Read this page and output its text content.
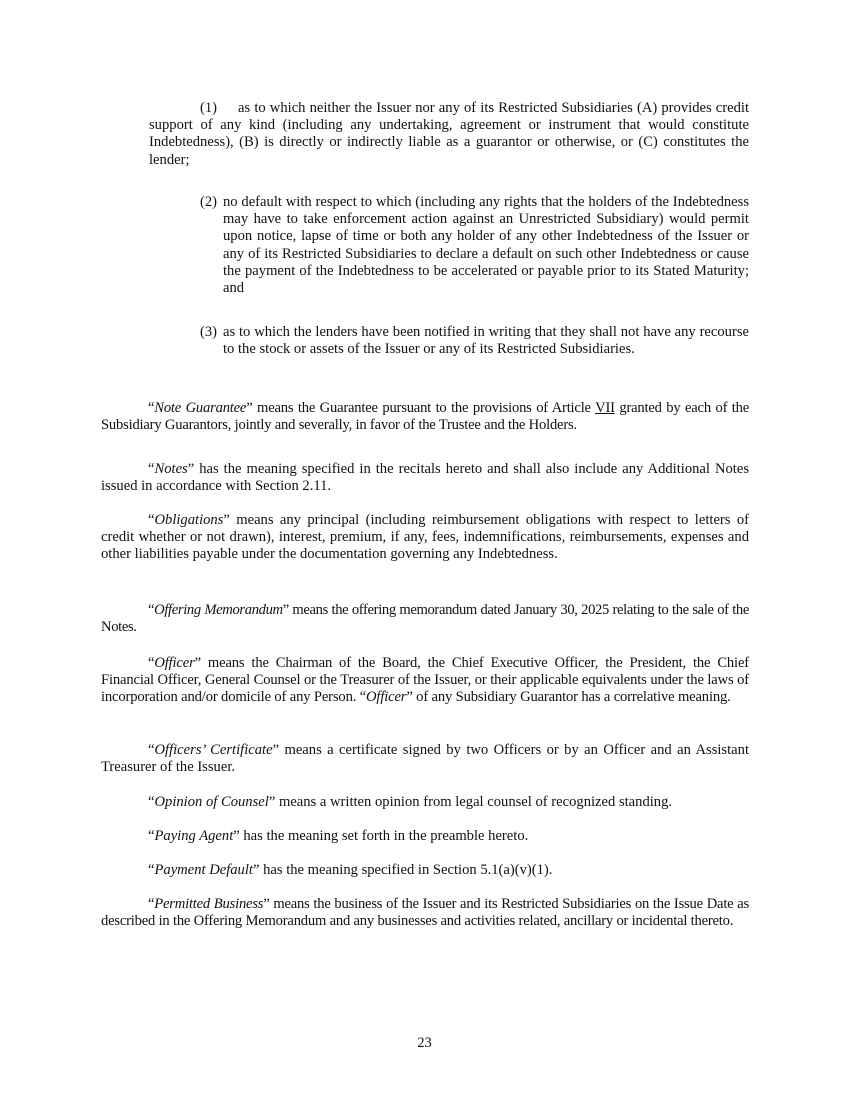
(1) as to which neither the Issuer nor any of its Restricted Subsidiaries (A) provides credit support of any kind (including any undertaking, agreement or instrument that would constitute Indebtedness), (B) is directly or indirectly liable as a guarantor or otherwise, or (C) constitutes the lender;

(2) no default with respect to which (including any rights that the holders of the Indebtedness may have to take enforcement action against an Unrestricted Subsidiary) would permit upon notice, lapse of time or both any holder of any other Indebtedness of the Issuer or any of its Restricted Subsidiaries to declare a default on such other Indebtedness or cause the payment of the Indebtedness to be accelerated or payable prior to its Stated Maturity; and
(3) as to which the lenders have been notified in writing that they shall not have any recourse to the stock or assets of the Issuer or any of its Restricted Subsidiaries.

“Note Guarantee” means the Guarantee pursuant to the provisions of Article VII granted by each of the Subsidiary Guarantors, jointly and severally, in favor of the Trustee and the Holders.

“Notes” has the meaning specified in the recitals hereto and shall also include any Additional Notes issued in accordance with Section 2.11.

“Obligations” means any principal (including reimbursement obligations with respect to letters of credit whether or not drawn), interest, premium, if any, fees, indemnifications, reimbursements, expenses and other liabilities payable under the documentation governing any Indebtedness.

“Offering Memorandum” means the offering memorandum dated January 30, 2025 relating to the sale of the Notes.

“Officer” means the Chairman of the Board, the Chief Executive Officer, the President, the Chief Financial Officer, General Counsel or the Treasurer of the Issuer, or their applicable equivalents under the laws of incorporation and/or domicile of any Person. “Officer” of any Subsidiary Guarantor has a correlative meaning.

“Officers’ Certificate” means a certificate signed by two Officers or by an Officer and an Assistant Treasurer of the Issuer.

“Opinion of Counsel” means a written opinion from legal counsel of recognized standing.

“Paying Agent” has the meaning set forth in the preamble hereto.

“Payment Default” has the meaning specified in Section 5.1(a)(v)(1).

“Permitted Business” means the business of the Issuer and its Restricted Subsidiaries on the Issue Date as described in the Offering Memorandum and any businesses and activities related, ancillary or incidental thereto.

23
